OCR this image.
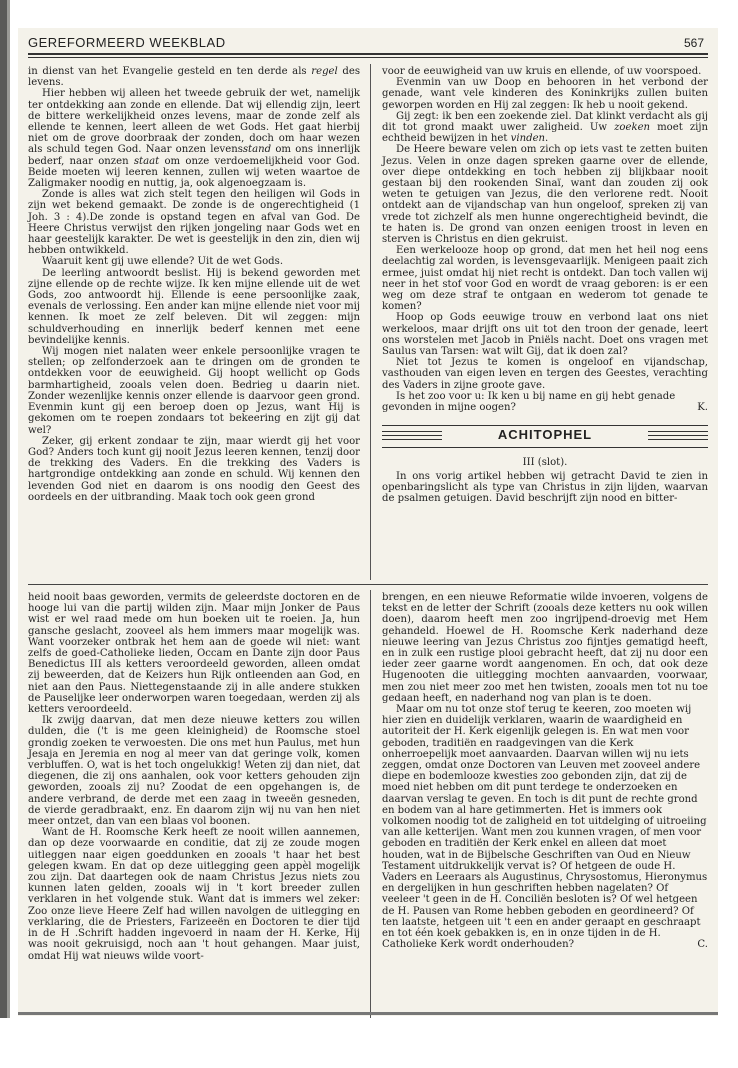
GEREFORMEERD WEEKBLAD	567

in dienst van het Evangelie gesteld en ten derde als regel des levens.

Hier hebben wij alleen het tweede gebruik der wet, namelijk ter ontdekking aan zonde en ellende. Dat wij ellendig zijn, leert de bittere werkelijkheid onzes levens, maar de zonde zelf als ellende te kennen, leert alleen de wet Gods. Het gaat hierbij niet om de grove doorbraak der zonden, doch om haar wezen als schuld tegen God. Naar onzen levensstand om ons innerlijk bederf, naar onzen staat om onze verdoemelijkheid voor God. Beide moeten wij leeren kennen, zullen wij weten waartoe de Zaligmaker noodig en nuttig, ja, ook algenoegzaam is.

Zonde is alles wat zich stelt tegen den heiligen wil Gods in zijn wet bekend gemaakt. De zonde is de ongerechtigheid (1 Joh. 3 : 4).De zonde is opstand tegen en afval van God. De Heere Christus verwijst den rijken jongeling naar Gods wet en haar geestelijk karakter. De wet is geestelijk in den zin, dien wij hebben ontwikkeld.

Waaruit kent gij uwe ellende? Uit de wet Gods.

De leerling antwoordt beslist. Hij is bekend geworden met zijne ellende op de rechte wijze. Ik ken mijne ellende uit de wet Gods, zoo antwoordt hij. Ellende is eene persoonlijke zaak, evenals de verlossing. Een ander kan mijne ellende niet voor mij kennen. Ik moet ze zelf beleven. Dit wil zeggen: mijn schuldverhouding en innerlijk bederf kennen met eene bevindelijke kennis.

Wij mogen niet nalaten weer enkele persoonlijke vragen te stellen; op zelfonderzoek aan te dringen om de gronden te ontdekken voor de eeuwigheid. Gij hoopt wellicht op Gods barmhartigheid, zooals velen doen. Bedrieg u daarin niet. Zonder wezenlijke kennis onzer ellende is daarvoor geen grond. Evenmin kunt gij een beroep doen op Jezus, want Hij is gekomen om te roepen zondaars tot bekeering en zijt gij dat wel?

Zeker, gij erkent zondaar te zijn, maar wierdt gij het voor God? Anders toch kunt gij nooit Jezus leeren kennen, tenzij door de trekking des Vaders. En die trekking des Vaders is hartgrondige ontdekking aan zonde en schuld. Wij kennen den levenden God niet en daarom is ons noodig den Geest des oordeels en der uitbranding. Maak toch ook geen grond

voor de eeuwigheid van uw kruis en ellende, of uw voorspoed.

Evenmin van uw Doop en behooren in het verbond der genade, want vele kinderen des Koninkrijks zullen buiten geworpen worden en Hij zal zeggen: Ik heb u nooit gekend.

Gij zegt: ik ben een zoekende ziel. Dat klinkt verdacht als gij dit tot grond maakt uwer zaligheid. Uw zoeken moet zijn echtheid bewijzen in het vinden.

De Heere beware velen om zich op iets vast te zetten buiten Jezus. Velen in onze dagen spreken gaarne over de ellende, over diepe ontdekking en toch hebben zij blijkbaar nooit gestaan bij den rookenden Sinaï, want dan zouden zij ook weten te getuigen van Jezus, die den verlorene redt. Nooit ontdekt aan de vijandschap van hun ongeloof, spreken zij van vrede tot zichzelf als men hunne ongerechtigheid bevindt, die te haten is. De grond van onzen eenigen troost in leven en sterven is Christus en dien gekruist.

Een werkelooze hoop op grond, dat men het heil nog eens deelachtig zal worden, is levensgevaarlijk. Menigeen paait zich ermee, juist omdat hij niet recht is ontdekt. Dan toch vallen wij neer in het stof voor God en wordt de vraag geboren: is er een weg om deze straf te ontgaan en wederom tot genade te komen?

Hoop op Gods eeuwige trouw en verbond laat ons niet werkeloos, maar drijft ons uit tot den troon der genade, leert ons worstelen met Jacob in Pniëls nacht. Doet ons vragen met Saulus van Tarsen: wat wilt Gij, dat ik doen zal?

Niet tot Jezus te komen is ongeloof en vijandschap, vasthouden van eigen leven en tergen des Geestes, verachting des Vaders in zijne groote gave.

Is het zoo voor u: Ik ken u bij name en gij hebt genade gevonden in mijne oogen?	K.

ACHITOPHEL
III (slot).

In ons vorig artikel hebben wij getracht David te zien in openbaringslicht als type van Christus in zijn lijden, waarvan de psalmen getuigen. David beschrijft zijn nood en bitter-

heid nooit baas geworden, vermits de geleerdste doctoren en de hooge lui van die partij wilden zijn. Maar mijn Jonker de Paus wist er wel raad mede om hun boeken uit te roeien. Ja, hun gansche geslacht, zooveel als hem immers maar mogelijk was. Want voorzeker ontbrak het hem aan de goede wil niet: want zelfs de goed-Catholieke lieden, Occam en Dante zijn door Paus Benedictus III als ketters veroordeeld geworden, alleen omdat zij beweerden, dat de Keizers hun Rijk ontleenden aan God, en niet aan den Paus. Niettegenstaande zij in alle andere stukken de Pauselijke leer onderworpen waren toegedaan, werden zij als ketters veroordeeld.

Ik zwijg daarvan, dat men deze nieuwe ketters zou willen dulden, die ('t is me geen kleinigheid) de Roomsche stoel grondig zoeken te verwoesten. Die ons met hun Paulus, met hun Jesaja en Jeremia en nog al meer van dat geringe volk, komen verbluffen. O, wat is het toch ongelukkig! Weten zij dan niet, dat diegenen, die zij ons aanhalen, ook voor ketters gehouden zijn geworden, zooals zij nu? Zoodat de een opgehangen is, de andere verbrand, de derde met een zaag in tweeën gesneden, de vierde geradbraakt, enz. En daarom zijn wij nu van hen niet meer ontzet, dan van een blaas vol boonen.

Want de H. Roomsche Kerk heeft ze nooit willen aannemen, dan op deze voorwaarde en conditie, dat zij ze zoude mogen uitleggen naar eigen goeddunken en zooals 't haar het best gelegen kwam. En dat op deze uitlegging geen appèl mogelijk zou zijn. Dat daartegen ook de naam Christus Jezus niets zou kunnen laten gelden, zooals wij in 't kort breeder zullen verklaren in het volgende stuk. Want dat is immers wel zeker: Zoo onze lieve Heere Zelf had willen navolgen de uitlegging en verklaring, die de Priesters, Farizeeën en Doctoren te dier tijd in de H .Schrift hadden ingevoerd in naam der H. Kerke, Hij was nooit gekruisigd, noch aan 't hout gehangen. Maar juist, omdat Hij wat nieuws wilde voort-

brengen, en een nieuwe Reformatie wilde invoeren, volgens de tekst en de letter der Schrift (zooals deze ketters nu ook willen doen), daarom heeft men zoo ingrijpend-droevig met Hem gehandeld. Hoewel de H. Roomsche Kerk naderhand deze nieuwe leering van Jezus Christus zoo fijntjes gematigd heeft, en in zulk een rustige plooi gebracht heeft, dat zij nu door een ieder zeer gaarne wordt aangenomen. En och, dat ook deze Hugenooten die uitlegging mochten aanvaarden, voorwaar, men zou niet meer zoo met hen twisten, zooals men tot nu toe gedaan heeft, en naderhand nog van plan is te doen.

Maar om nu tot onze stof terug te keeren, zoo moeten wij hier zien en duidelijk verklaren, waarin de waardigheid en autoriteit der H. Kerk eigenlijk gelegen is. En wat men voor geboden, traditiën en raadgevingen van die Kerk onherroepelijk moet aanvaarden. Daarvan willen wij nu iets zeggen, omdat onze Doctoren van Leuven met zooveel andere diepe en bodemlooze kwesties zoo gebonden zijn, dat zij de moed niet hebben om dit punt terdege te onderzoeken en daarvan verslag te geven. En toch is dit punt de rechte grond en bodem van al hare getimmerten. Het is immers ook volkomen noodig tot de zaligheid en tot uitdelging of uitroeiing van alle ketterijen. Want men zou kunnen vragen, of men voor geboden en traditiën der Kerk enkel en alleen dat moet houden, wat in de Bijbelsche Geschriften van Oud en Nieuw Testament uitdrukkelijk vervat is? Of hetgeen de oude H. Vaders en Leeraars als Augustinus, Chrysostomus, Hieronymus en dergelijken in hun geschriften hebben nagelaten? Of veeleer 't geen in de H. Conciliën besloten is? Of wel hetgeen de H. Pausen van Rome hebben geboden en geordineerd? Of ten laatste, hetgeen uit 't een en ander geraapt en geschraapt en tot één koek gebakken is, en in onze tijden in de H. Catholieke Kerk wordt onderhouden?	C.
